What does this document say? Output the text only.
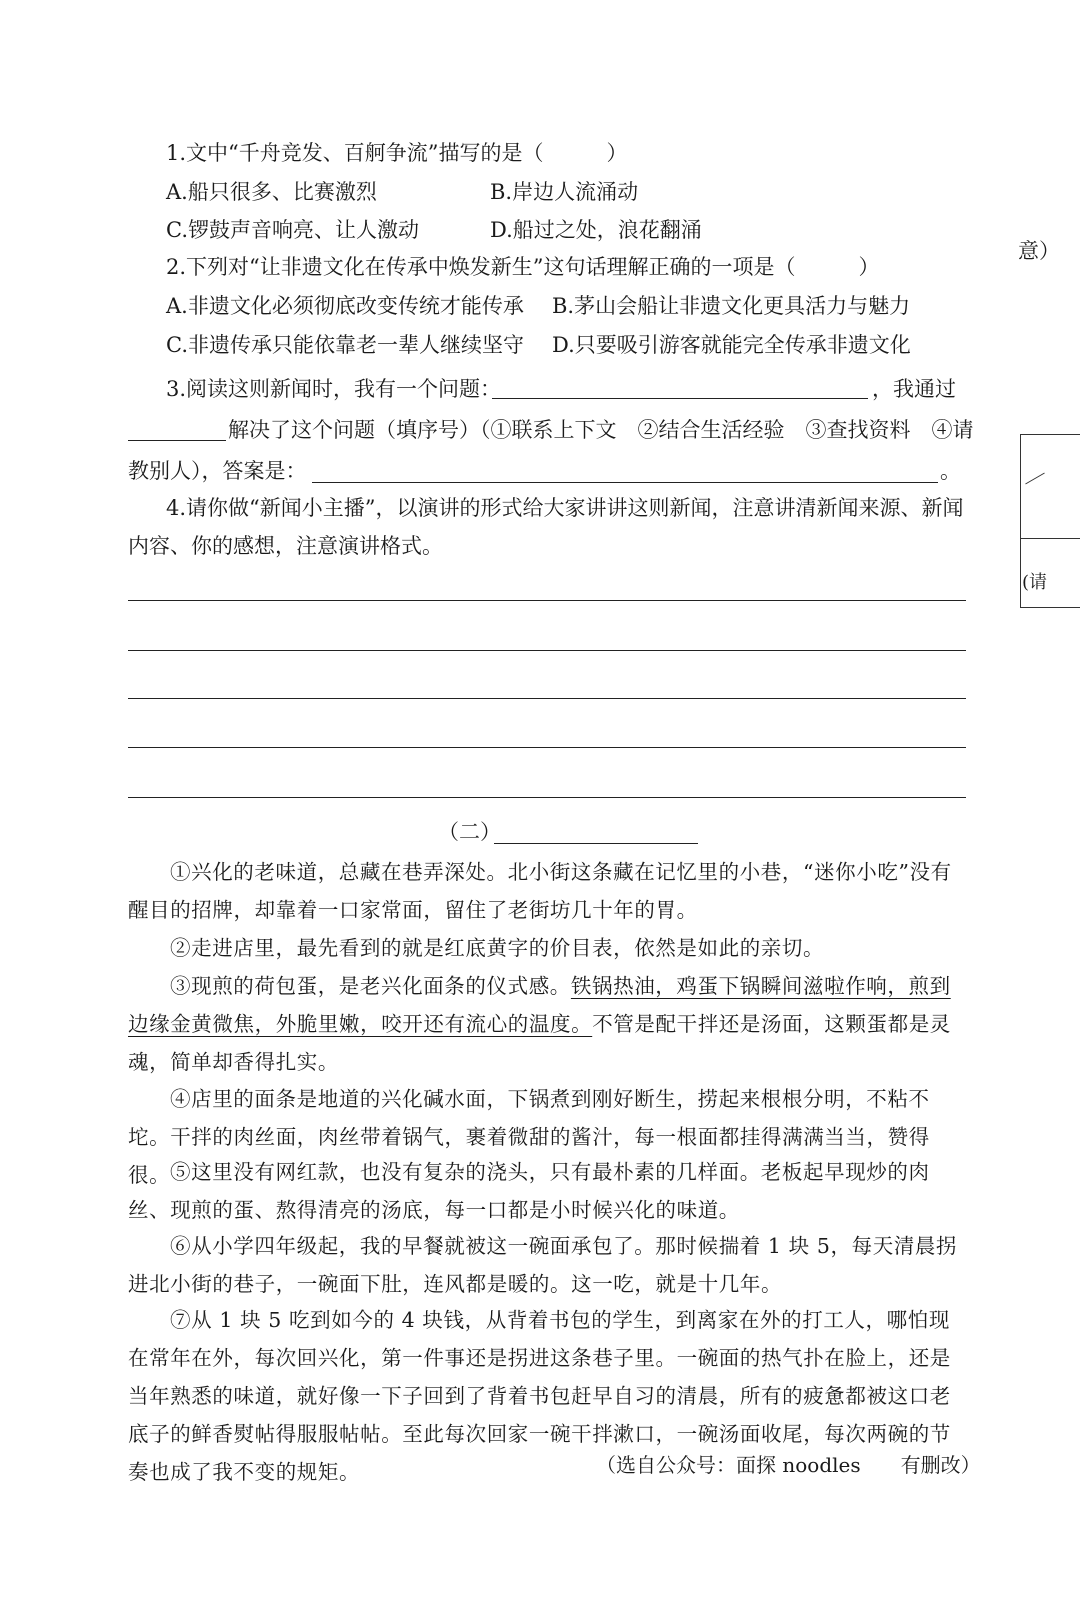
意）
(请
1.文中“千舟竞发、百舸争流”描写的是（　　　）
A.船只很多、比赛激烈	B.岸边人流涌动
C.锣鼓声音响亮、让人激动	D.船过之处，浪花翻涌
2.下列对“让非遗文化在传承中焕发新生”这句话理解正确的一项是（　　　）
A.非遗文化必须彻底改变传统才能传承 B.茅山会船让非遗文化更具活力与魅力
C.非遗传承只能依靠老一辈人继续坚守 D.只要吸引游客就能完全传承非遗文化
3.阅读这则新闻时，我有一个问题：	，我通过
解决了这个问题（填序号）（①联系上下文　②结合生活经验　③查找资料　④请
教别人），答案是：	。
4.请你做“新闻小主播”，以演讲的形式给大家讲讲这则新闻，注意讲清新闻来源、新闻
内容、你的感想，注意演讲格式。
（二）
①兴化的老味道，总藏在巷弄深处。北小街这条藏在记忆里的小巷，“迷你小吃”没有醒目的招牌，却靠着一口家常面，留住了老街坊几十年的胃。
②走进店里，最先看到的就是红底黄字的价目表，依然是如此的亲切。
③现煎的荷包蛋，是老兴化面条的仪式感。铁锅热油，鸡蛋下锅瞬间滋啦作响，煎到边缘金黄微焦，外脆里嫩，咬开还有流心的温度。不管是配干拌还是汤面，这颗蛋都是灵魂，简单却香得扎实。
④店里的面条是地道的兴化碱水面，下锅煮到刚好断生，捞起来根根分明，不粘不坨。干拌的肉丝面，肉丝带着锅气，裹着微甜的酱汁，每一根面都挂得满满当当，赞得很。 ⑤这里没有网红款，也没有复杂的浇头，只有最朴素的几样面。老板起早现炒的肉丝、现煎的蛋、熬得清亮的汤底，每一口都是小时候兴化的味道。
⑥从小学四年级起，我的早餐就被这一碗面承包了。那时候揣着 1 块 5，每天清晨拐进北小街的巷子，一碗面下肚，连风都是暖的。这一吃，就是十几年。
⑦从 1 块 5 吃到如今的 4 块钱，从背着书包的学生，到离家在外的打工人，哪怕现在常年在外，每次回兴化，第一件事还是拐进这条巷子里。一碗面的热气扑在脸上，还是当年熟悉的味道，就好像一下子回到了背着书包赶早自习的清晨，所有的疲惫都被这口老底子的鲜香熨帖得服服帖帖。至此每次回家一碗干拌漱口，一碗汤面收尾，每次两碗的节奏也成了我不变的规矩。	（选自公众号：面探 noodles　　有删改）
